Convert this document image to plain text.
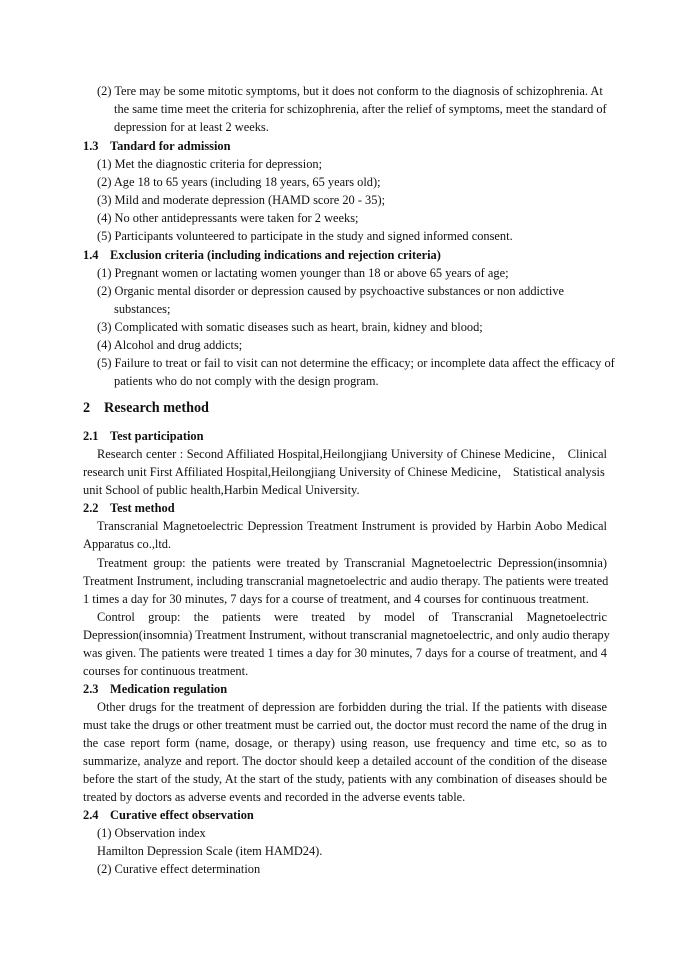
(2) Tere may be some mitotic symptoms, but it does not conform to the diagnosis of schizophrenia. At
the same time meet the criteria for schizophrenia, after the relief of symptoms, meet the standard of
depression for at least 2 weeks.
1.3 Tandard for admission
(1) Met the diagnostic criteria for depression;
(2) Age 18 to 65 years (including 18 years, 65 years old);
(3) Mild and moderate depression (HAMD score 20 - 35);
(4) No other antidepressants were taken for 2 weeks;
(5) Participants volunteered to participate in the study and signed informed consent.
1.4 Exclusion criteria (including indications and rejection criteria)
(1) Pregnant women or lactating women younger than 18 or above 65 years of age;
(2) Organic mental disorder or depression caused by psychoactive substances or non addictive
substances;
(3) Complicated with somatic diseases such as heart, brain, kidney and blood;
(4) Alcohol and drug addicts;
(5) Failure to treat or fail to visit can not determine the efficacy; or incomplete data affect the efficacy of
patients who do not comply with the design program.
2 Research method
2.1 Test participation
Research center : Second Affiliated Hospital,Heilongjiang University of Chinese Medicine， Clinical
research unit First Affiliated Hospital,Heilongjiang University of Chinese Medicine， Statistical analysis
unit School of public health,Harbin Medical University.
2.2 Test method
Transcranial Magnetoelectric Depression Treatment Instrument is provided by Harbin Aobo Medical
Apparatus co.,ltd.
Treatment group: the patients were treated by Transcranial Magnetoelectric Depression(insomnia)
Treatment Instrument, including transcranial magnetoelectric and audio therapy. The patients were treated
1 times a day for 30 minutes, 7 days for a course of treatment, and 4 courses for continuous treatment.
Control group: the patients were treated by model of Transcranial Magnetoelectric
Depression(insomnia) Treatment Instrument, without transcranial magnetoelectric, and only audio therapy
was given. The patients were treated 1 times a day for 30 minutes, 7 days for a course of treatment, and 4
courses for continuous treatment.
2.3 Medication regulation
Other drugs for the treatment of depression are forbidden during the trial. If the patients with disease
must take the drugs or other treatment must be carried out, the doctor must record the name of the drug in
the case report form (name, dosage, or therapy) using reason, use frequency and time etc, so as to
summarize, analyze and report. The doctor should keep a detailed account of the condition of the disease
before the start of the study, At the start of the study, patients with any combination of diseases should be
treated by doctors as adverse events and recorded in the adverse events table.
2.4 Curative effect observation
(1) Observation index
Hamilton Depression Scale (item HAMD24).
(2) Curative effect determination
